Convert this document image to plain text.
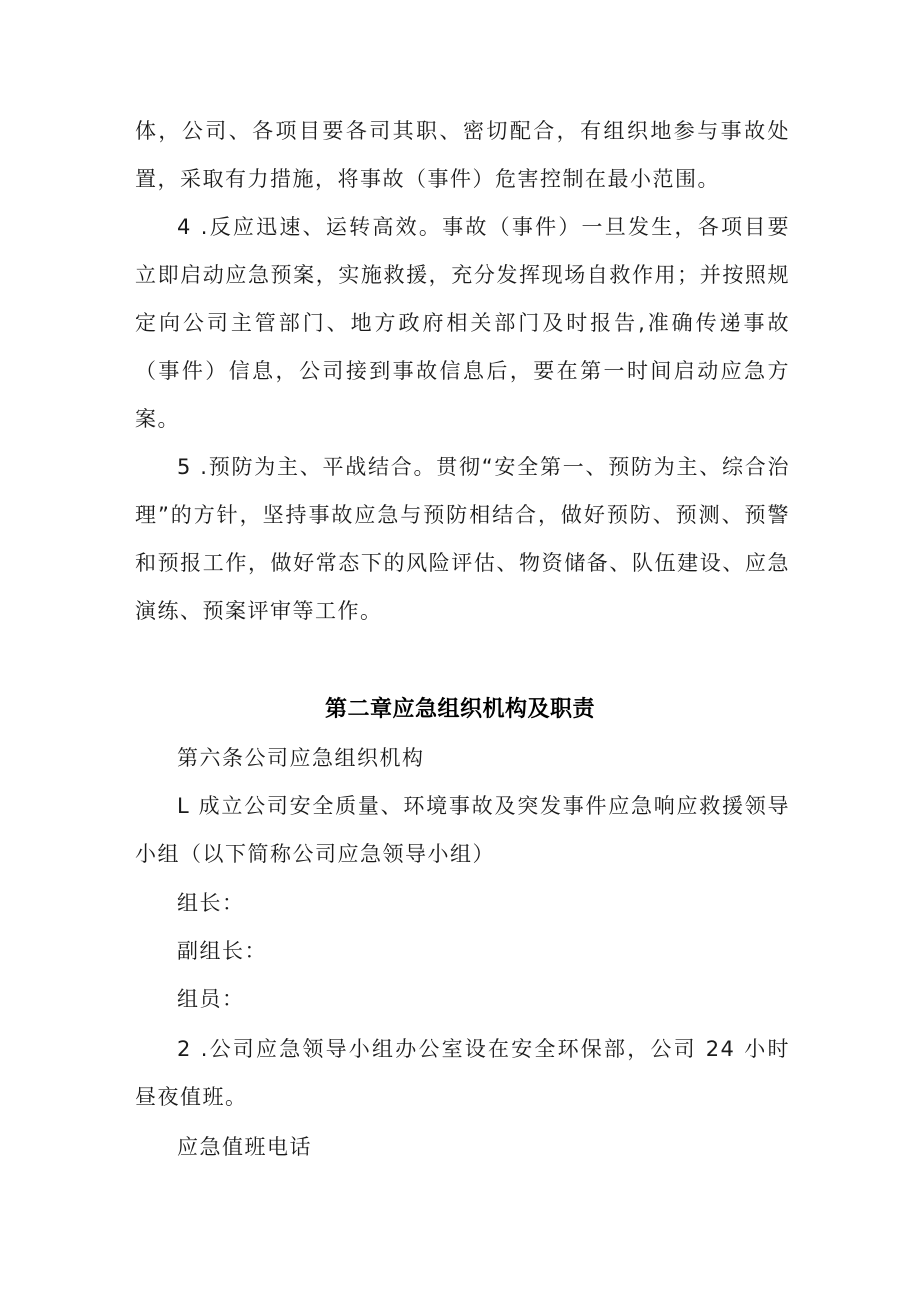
体，公司、各项目要各司其职、密切配合，有组织地参与事故处置，采取有力措施，将事故（事件）危害控制在最小范围。

4 .反应迅速、运转高效。事故（事件）一旦发生，各项目要立即启动应急预案，实施救援，充分发挥现场自救作用；并按照规定向公司主管部门、地方政府相关部门及时报告,准确传递事故（事件）信息，公司接到事故信息后，要在第一时间启动应急方案。

5 .预防为主、平战结合。贯彻“安全第一、预防为主、综合治理”的方针，坚持事故应急与预防相结合，做好预防、预测、预警和预报工作，做好常态下的风险评估、物资储备、队伍建设、应急演练、预案评审等工作。

第二章应急组织机构及职责

第六条公司应急组织机构

L 成立公司安全质量、环境事故及突发事件应急响应救援领导小组（以下简称公司应急领导小组）

组长：

副组长：

组员：

2 .公司应急领导小组办公室设在安全环保部，公司 24 小时昼夜值班。

应急值班电话
